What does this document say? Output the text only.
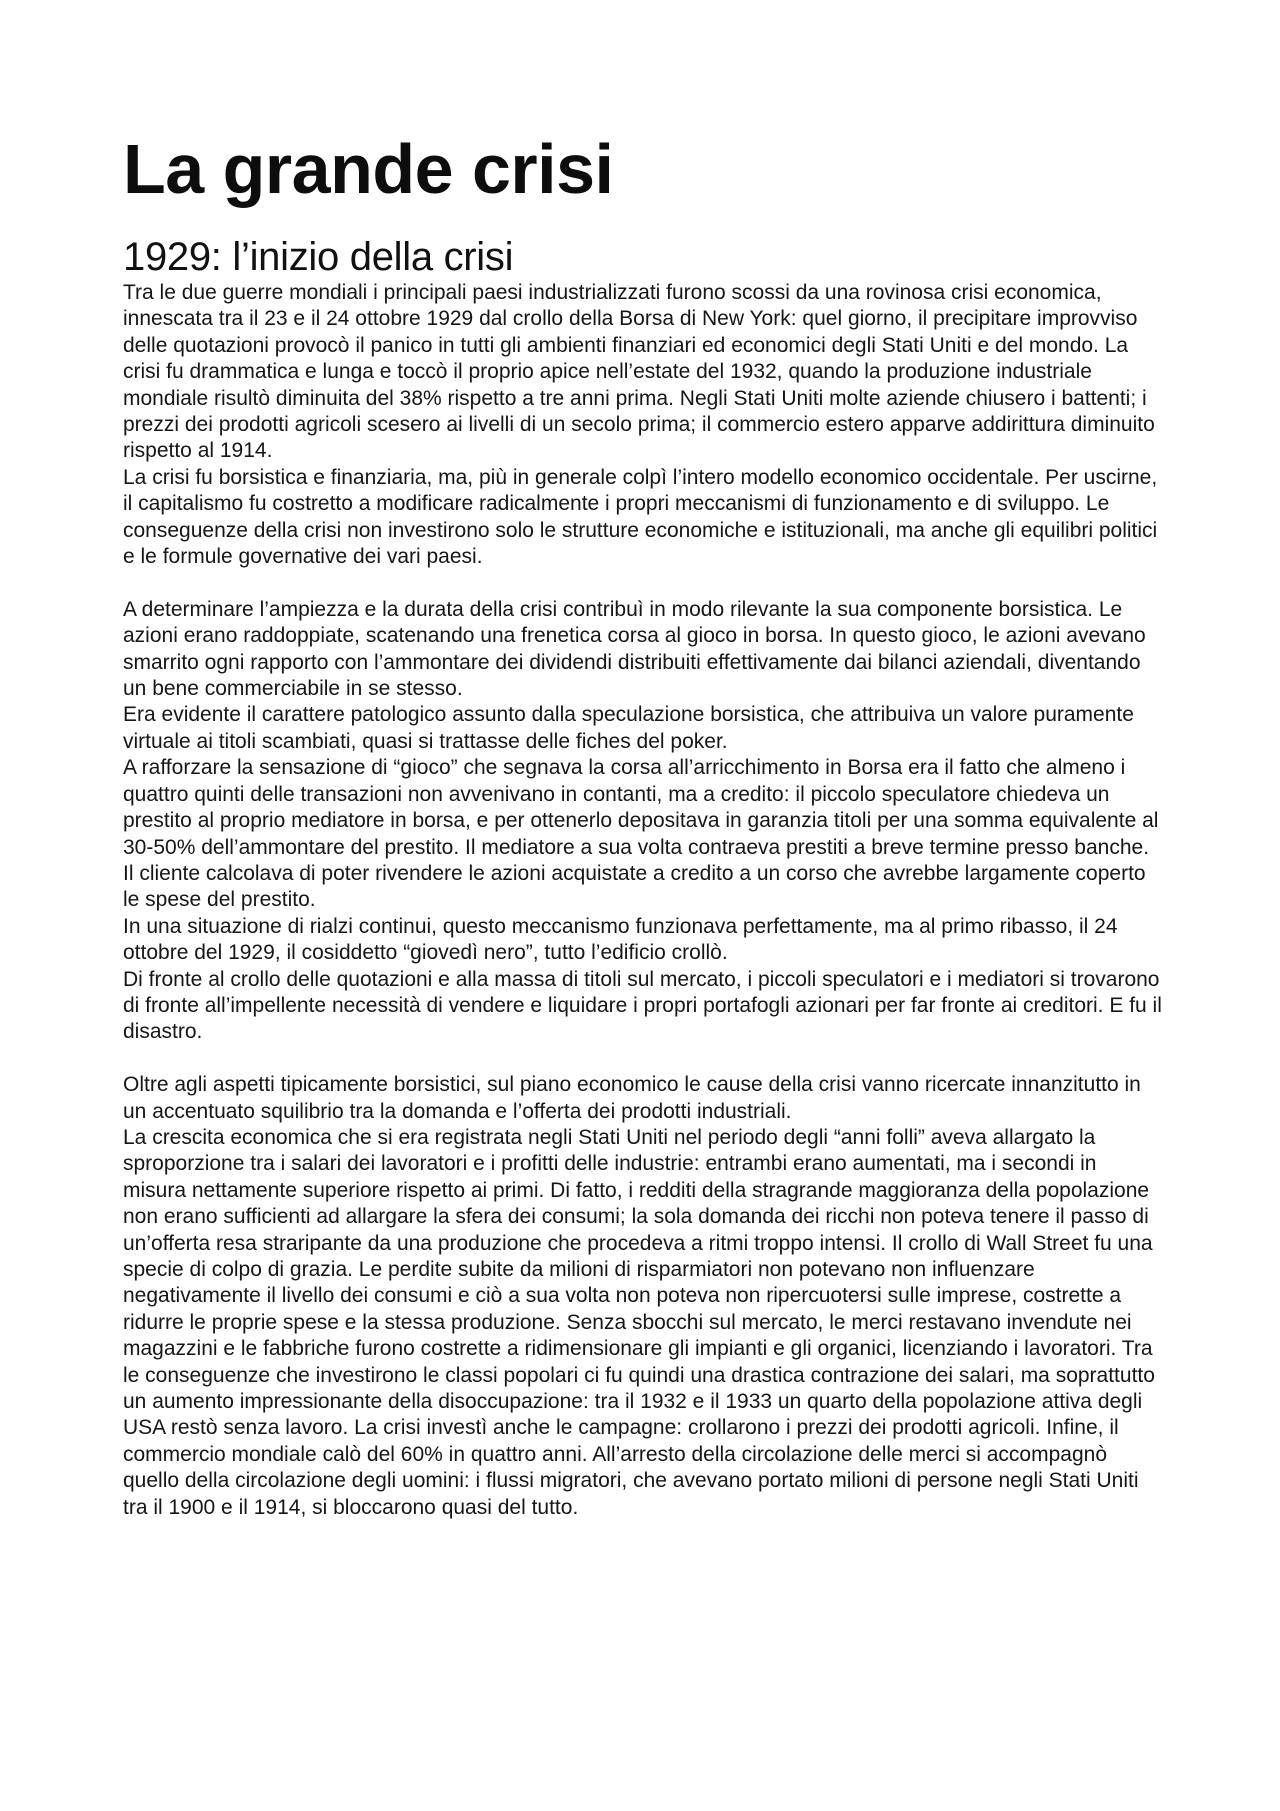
La grande crisi
1929: l’inizio della crisi

Tra le due guerre mondiali i principali paesi industrializzati furono scossi da una rovinosa crisi economica, innescata tra il 23 e il 24 ottobre 1929 dal crollo della Borsa di New York: quel giorno, il precipitare improvviso delle quotazioni provocò il panico in tutti gli ambienti finanziari ed economici degli Stati Uniti e del mondo. La crisi fu drammatica e lunga e toccò il proprio apice nell’estate del 1932, quando la produzione industriale mondiale risultò diminuita del 38% rispetto a tre anni prima. Negli Stati Uniti molte aziende chiusero i battenti; i prezzi dei prodotti agricoli scesero ai livelli di un secolo prima; il commercio estero apparve addirittura diminuito rispetto al 1914.

La crisi fu borsistica e finanziaria, ma, più in generale colpì l’intero modello economico occidentale. Per uscirne, il capitalismo fu costretto a modificare radicalmente i propri meccanismi di funzionamento e di sviluppo. Le conseguenze della crisi non investirono solo le strutture economiche e istituzionali, ma anche gli equilibri politici e le formule governative dei vari paesi.

A determinare l’ampiezza e la durata della crisi contribuì in modo rilevante la sua componente borsistica. Le azioni erano raddoppiate, scatenando una frenetica corsa al gioco in borsa. In questo gioco, le azioni avevano smarrito ogni rapporto con l’ammontare dei dividendi distribuiti effettivamente dai bilanci aziendali, diventando un bene commerciabile in se stesso.

Era evidente il carattere patologico assunto dalla speculazione borsistica, che attribuiva un valore puramente virtuale ai titoli scambiati, quasi si trattasse delle fiches del poker.

A rafforzare la sensazione di “gioco” che segnava la corsa all’arricchimento in Borsa era il fatto che almeno i quattro quinti delle transazioni non avvenivano in contanti, ma a credito: il piccolo speculatore chiedeva un prestito al proprio mediatore in borsa, e per ottenerlo depositava in garanzia titoli per una somma equivalente al 30-50% dell’ammontare del prestito. Il mediatore a sua volta contraeva prestiti a breve termine presso banche. Il cliente calcolava di poter rivendere le azioni acquistate a credito a un corso che avrebbe largamente coperto le spese del prestito.

In una situazione di rialzi continui, questo meccanismo funzionava perfettamente, ma al primo ribasso, il 24 ottobre del 1929, il cosiddetto “giovedì nero”, tutto l’edificio crollò.

Di fronte al crollo delle quotazioni e alla massa di titoli sul mercato, i piccoli speculatori e i mediatori si trovarono di fronte all’impellente necessità di vendere e liquidare i propri portafogli azionari per far fronte ai creditori. E fu il disastro.

Oltre agli aspetti tipicamente borsistici, sul piano economico le cause della crisi vanno ricercate innanzitutto in un accentuato squilibrio tra la domanda e l’offerta dei prodotti industriali.

La crescita economica che si era registrata negli Stati Uniti nel periodo degli “anni folli” aveva allargato la sproporzione tra i salari dei lavoratori e i profitti delle industrie: entrambi erano aumentati, ma i secondi in misura nettamente superiore rispetto ai primi. Di fatto, i redditi della stragrande maggioranza della popolazione non erano sufficienti ad allargare la sfera dei consumi; la sola domanda dei ricchi non poteva tenere il passo di un’offerta resa straripante da una produzione che procedeva a ritmi troppo intensi. Il crollo di Wall Street fu una specie di colpo di grazia. Le perdite subite da milioni di risparmiatori non potevano non influenzare negativamente il livello dei consumi e ciò a sua volta non poteva non ripercuotersi sulle imprese, costrette a ridurre le proprie spese e la stessa produzione. Senza sbocchi sul mercato, le merci restavano invendute nei magazzini e le fabbriche furono costrette a ridimensionare gli impianti e gli organici, licenziando i lavoratori. Tra le conseguenze che investirono le classi popolari ci fu quindi una drastica contrazione dei salari, ma soprattutto un aumento impressionante della disoccupazione: tra il 1932 e il 1933 un quarto della popolazione attiva degli USA restò senza lavoro. La crisi investì anche le campagne: crollarono i prezzi dei prodotti agricoli. Infine, il commercio mondiale calò del 60% in quattro anni. All’arresto della circolazione delle merci si accompagnò quello della circolazione degli uomini: i flussi migratori, che avevano portato milioni di persone negli Stati Uniti tra il 1900 e il 1914, si bloccarono quasi del tutto.
